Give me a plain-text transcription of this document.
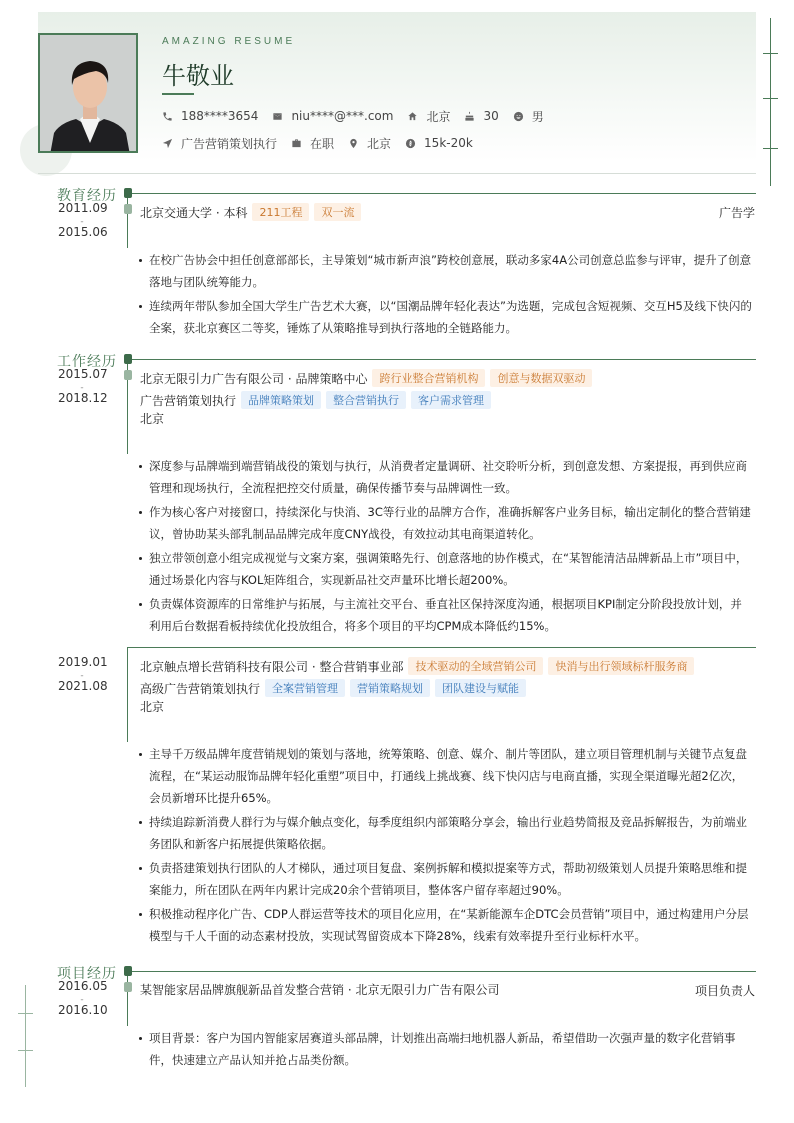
AMAZING RESUME
牛敬业
188****3654	niu****@***.com	北京	30	男
广告营销策划执行	在职	北京	15k-20k
教育经历
2011.09
-
2015.06
北京交通大学 · 本科	211工程	双一流	广告学
在校广告协会中担任创意部部长，主导策划“城市新声浪”跨校创意展，联动多家4A公司创意总监参与评审，提升了创意落地与团队统筹能力。
连续两年带队参加全国大学生广告艺术大赛，以“国潮品牌年轻化表达”为选题，完成包含短视频、交互H5及线下快闪的全案，获北京赛区二等奖，锤炼了从策略推导到执行落地的全链路能力。
工作经历
2015.07
-
2018.12
北京无限引力广告有限公司 · 品牌策略中心	跨行业整合营销机构	创意与数据双驱动
广告营销策划执行	品牌策略策划	整合营销执行	客户需求管理
北京
深度参与品牌端到端营销战役的策划与执行，从消费者定量调研、社交聆听分析，到创意发想、方案提报，再到供应商管理和现场执行，全流程把控交付质量，确保传播节奏与品牌调性一致。
作为核心客户对接窗口，持续深化与快消、3C等行业的品牌方合作，准确拆解客户业务目标，输出定制化的整合营销建议，曾协助某头部乳制品品牌完成年度CNY战役，有效拉动其电商渠道转化。
独立带领创意小组完成视觉与文案方案，强调策略先行、创意落地的协作模式，在“某智能清洁品牌新品上市”项目中，通过场景化内容与KOL矩阵组合，实现新品社交声量环比增长超200%。
负责媒体资源库的日常维护与拓展，与主流社交平台、垂直社区保持深度沟通，根据项目KPI制定分阶段投放计划，并利用后台数据看板持续优化投放组合，将多个项目的平均CPM成本降低约15%。
2019.01
-
2021.08
北京触点增长营销科技有限公司 · 整合营销事业部	技术驱动的全域营销公司	快消与出行领域标杆服务商
高级广告营销策划执行	全案营销管理	营销策略规划	团队建设与赋能
北京
主导千万级品牌年度营销规划的策划与落地，统筹策略、创意、媒介、制片等团队，建立项目管理机制与关键节点复盘流程，在“某运动服饰品牌年轻化重塑”项目中，打通线上挑战赛、线下快闪店与电商直播，实现全渠道曝光超2亿次，会员新增环比提升65%。
持续追踪新消费人群行为与媒介触点变化，每季度组织内部策略分享会，输出行业趋势简报及竞品拆解报告，为前端业务团队和新客户拓展提供策略依据。
负责搭建策划执行团队的人才梯队，通过项目复盘、案例拆解和模拟提案等方式，帮助初级策划人员提升策略思维和提案能力，所在团队在两年内累计完成20余个营销项目，整体客户留存率超过90%。
积极推动程序化广告、CDP人群运营等技术的项目化应用，在“某新能源车企DTC会员营销”项目中，通过构建用户分层模型与千人千面的动态素材投放，实现试驾留资成本下降28%，线索有效率提升至行业标杆水平。
项目经历
2016.05
-
2016.10
某智能家居品牌旗舰新品首发整合营销 · 北京无限引力广告有限公司	项目负责人
项目背景：客户为国内智能家居赛道头部品牌，计划推出高端扫地机器人新品，希望借助一次强声量的数字化营销事件，快速建立产品认知并抢占品类份额。
